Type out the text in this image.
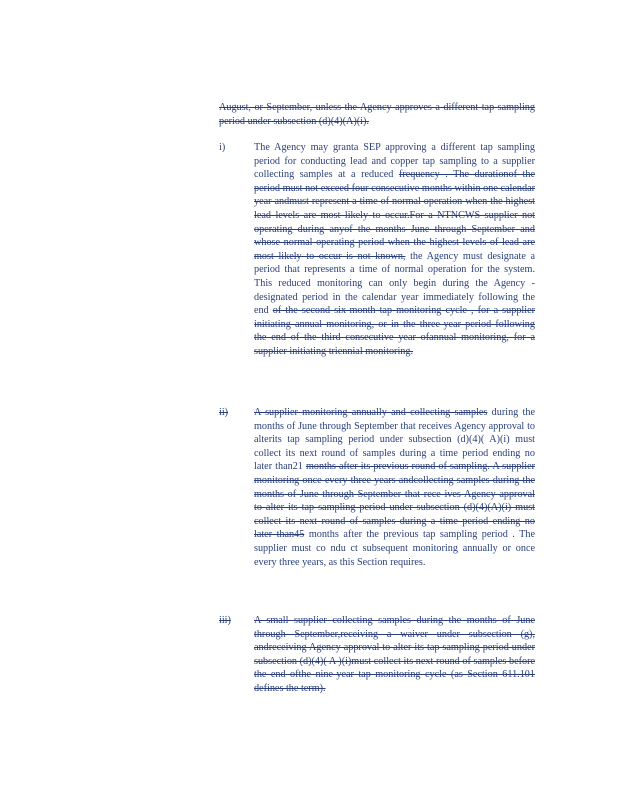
August, or September, unless the Agency approves a different tap sampling period under subsection (d)(4)(A)(i).
i)	The Agency may granta SEP approving a different tap sampling period for conducting lead and copper tap sampling to a supplier collecting samples at a reduced frequency . The durationof the period must not exceed four consecutive months within one calendar year andmust represent a time of normal operation when the highest lead levels are most likely to occur.For a NTNCWS supplier not operating during anyof the months June through September and whose normal operating period when the highest levels of lead are most likely to occur is not known, the Agency must designate a period that represents a time of normal operation for the system. This reduced monitoring can only begin during the Agency -designated period in the calendar year immediately following the end of the second six-month tap monitoring cycle , for a supplier initiating annual monitoring, or in the three-year period following the end of the third consecutive year ofannual monitoring, for a supplier initiating triennial monitoring.
ii)	A supplier monitoring annually and collecting samples during the months of June through September that receives Agency approval to alterits tap sampling period under subsection (d)(4)( A)(i) must collect its next round of samples during a time period ending no later than21 months after its previous round of sampling. A supplier monitoring once every three years andcollecting samples during the months of June through September that rece ives Agency approval to alter its tap sampling period under subsection (d)(4)(A)(i) must collect its next round of samples during a time period ending no later than45 months after the previous tap sampling period . The supplier must co ndu ct subsequent monitoring annually or once every three years, as this Section requires.
iii)	A small supplier collecting samples during the months of June through September,receiving a waiver under subsection (g), andreceiving Agency approval to alter its tap sampling period under subsection (d)(4)( A )(i)must collect its next round of samples before the end ofthe nine-year tap monitoring cycle (as Section 611.101 defines the term).
